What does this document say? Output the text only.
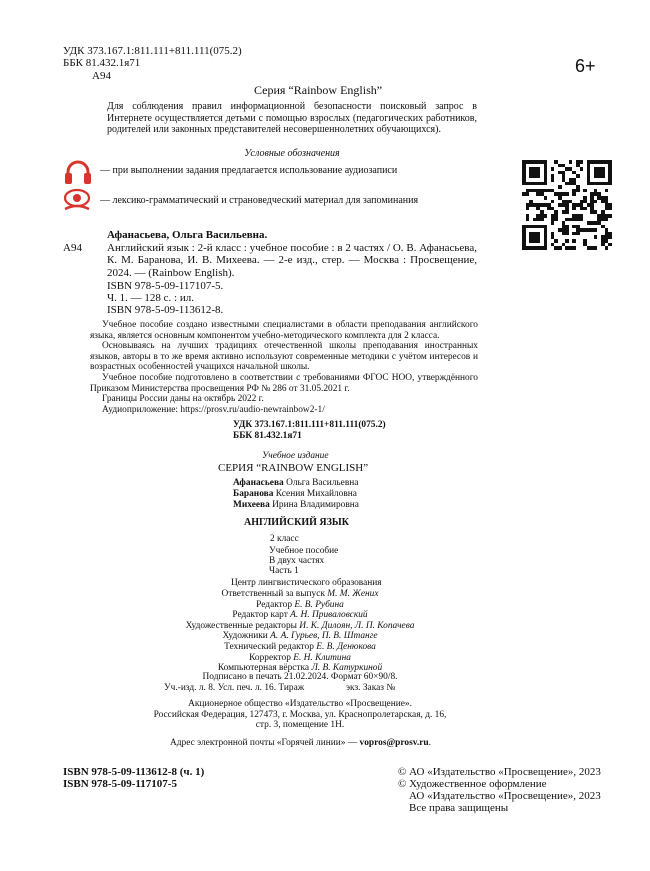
УДК 373.167.1:811.111+811.111(075.2)
ББК 81.432.1я71
А94	6+
Серия “Rainbow English”
Для соблюдения правил информационной безопасности поисковый запрос в Интернете осуществляется детьми с помощью взрослых (педагогических работников, родителей или законных представителей несовершеннолетних обучающихся).
Условные обозначения
— при выполнении задания предлагается использование аудиозаписи
— лексико-грамматический и страноведческий материал для запоминания
Афанасьева, Ольга Васильевна.
А94 Английский язык : 2-й класс : учебное пособие : в 2 частях / О. В. Афанасьева, К. М. Баранова, И. В. Михеева. — 2-е изд., стер. — Москва : Просвещение, 2024. — (Rainbow English).
ISBN 978-5-09-117107-5.
Ч. 1. — 128 с. : ил.
ISBN 978-5-09-113612-8.

Учебное пособие создано известными специалистами в области преподавания английского языка, является основным компонентом учебно-методического комплекта для 2 класса.

Основываясь на лучших традициях отечественной школы преподавания иностранных языков, авторы в то же время активно используют современные методики с учётом интересов и возрастных особенностей учащихся начальной школы.

Учебное пособие подготовлено в соответствии с требованиями ФГОС НОО, утверждённого Приказом Министерства просвещения РФ № 286 от 31.05.2021 г.

Границы России даны на октябрь 2022 г.

Аудиоприложение: https://prosv.ru/audio-newrainbow2-1/

УДК 373.167.1:811.111+811.111(075.2)
ББК 81.432.1я71
Учебное издание
СЕРИЯ “RAINBOW ENGLISH”
Афанасьева Ольга Васильевна
Баранова Ксения Михайловна
Михеева Ирина Владимировна
АНГЛИЙСКИЙ ЯЗЫК
2 класс
Учебное пособие
В двух частях
Часть 1
Центр лингвистического образования
Ответственный за выпуск М. М. Жених
Редактор Е. В. Рубина
Редактор карт А. Н. Приваловский
Художественные редакторы И. К. Дилоян, Л. П. Копачева
Художники А. А. Гурьев, П. В. Штанге
Технический редактор Е. В. Денюкова
Корректор Е. Н. Клитина
Компьютерная вёрстка Л. В. Катуркиной
Подписано в печать 21.02.2024. Формат 60×90/8.
Уч.-изд. л. 8. Усл. печ. л. 16. Тираж	экз. Заказ №
Акционерное общество «Издательство «Просвещение».
Российская Федерация, 127473, г. Москва, ул. Краснопролетарская, д. 16,
стр. 3, помещение 1Н.
Адрес электронной почты «Горячей линии» — vopros@prosv.ru.
ISBN 978-5-09-113612-8 (ч. 1)
ISBN 978-5-09-117107-5
© АО «Издательство «Просвещение», 2023
© Художественное оформление
АО «Издательство «Просвещение», 2023
Все права защищены
